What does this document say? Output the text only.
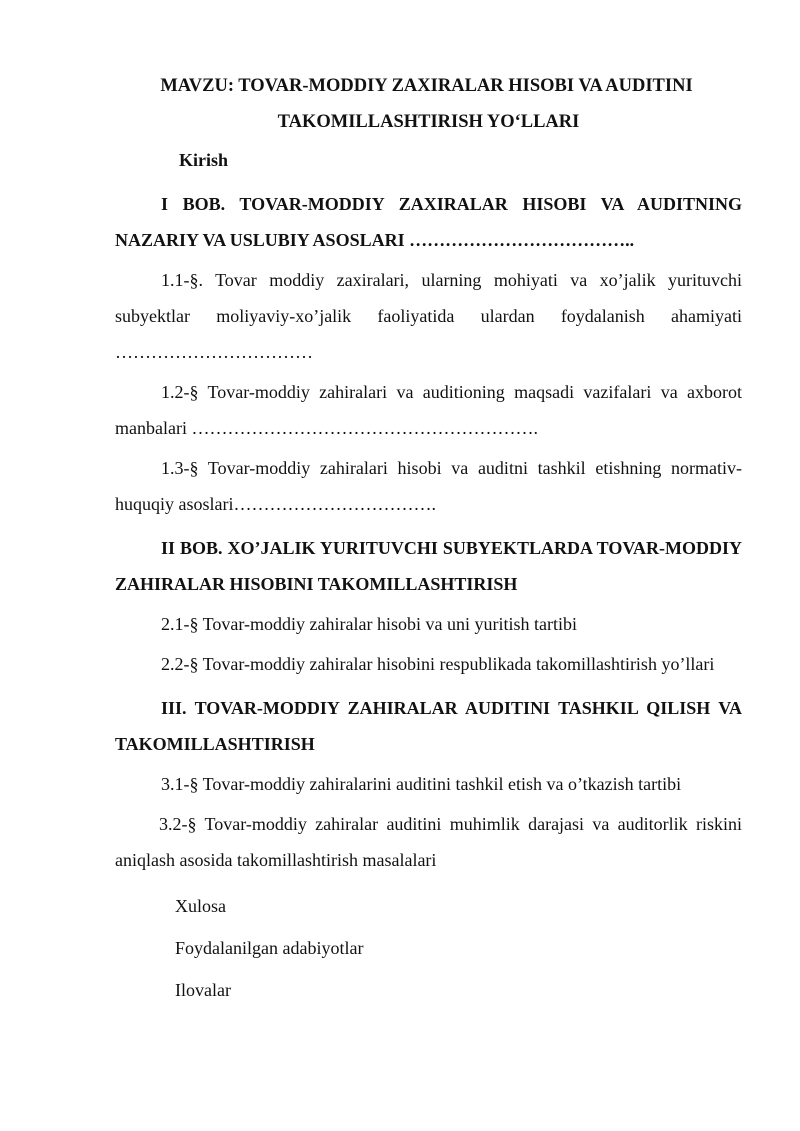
MAVZU: TOVAR-MODDIY ZAXIRALAR HISOBI VA AUDITINI
TAKOMILLASHTIRISH YO‘LLARI
Kirish
I BOB. TOVAR-MODDIY ZAXIRALAR HISOBI VA AUDITNING NAZARIY VA USLUBIY ASOSLARI ………………………………..
1.1-§. Tovar moddiy zaxiralari, ularning mohiyati va xo’jalik yurituvchi subyektlar moliyaviy-xo’jalik faoliyatida ulardan foydalanish ahamiyati ……………………………
1.2-§ Tovar-moddiy zahiralari va auditioning maqsadi vazifalari va axborot manbalari ………………………………………………….
1.3-§ Tovar-moddiy zahiralari hisobi va auditni tashkil etishning normativ-huquqiy asoslari…………………………….
II BOB. XO’JALIK YURITUVCHI SUBYEKTLARDA TOVAR-MODDIY ZAHIRALAR HISOBINI TAKOMILLASHTIRISH
2.1-§ Tovar-moddiy zahiralar hisobi va uni yuritish tartibi
2.2-§ Tovar-moddiy zahiralar hisobini respublikada takomillashtirish yo’llari
III. TOVAR-MODDIY ZAHIRALAR AUDITINI TASHKIL QILISH VA TAKOMILLASHTIRISH
3.1-§ Tovar-moddiy zahiralarini auditini tashkil etish va o’tkazish tartibi
3.2-§ Tovar-moddiy zahiralar auditini muhimlik darajasi va auditorlik riskini aniqlash asosida takomillashtirish masalalari
Xulosa
Foydalanilgan adabiyotlar
Ilovalar
